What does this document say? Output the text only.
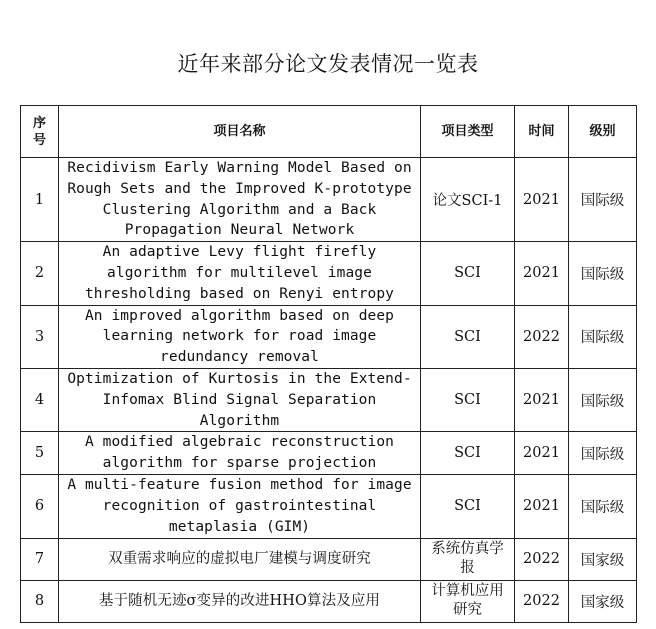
近年来部分论文发表情况一览表
序号	项目名称	项目类型	时间	级别
1	Recidivism Early Warning Model Based on Rough Sets and the Improved K-prototype Clustering Algorithm and a Back Propagation Neural Network	论文SCI-1	2021	国际级
2	An adaptive Levy flight firefly algorithm for multilevel image thresholding based on Renyi entropy	SCI	2021	国际级
3	An improved algorithm based on deep learning network for road image redundancy removal	SCI	2022	国际级
4	Optimization of Kurtosis in the Extend-Infomax Blind Signal Separation Algorithm	SCI	2021	国际级
5	A modified algebraic reconstruction algorithm for sparse projection	SCI	2021	国际级
6	A multi-feature fusion method for image recognition of gastrointestinal metaplasia (GIM)	SCI	2021	国际级
7	双重需求响应的虚拟电厂建模与调度研究	系统仿真学报	2022	国家级
8	基于随机无迹σ变异的改进HHO算法及应用	计算机应用研究	2022	国家级
